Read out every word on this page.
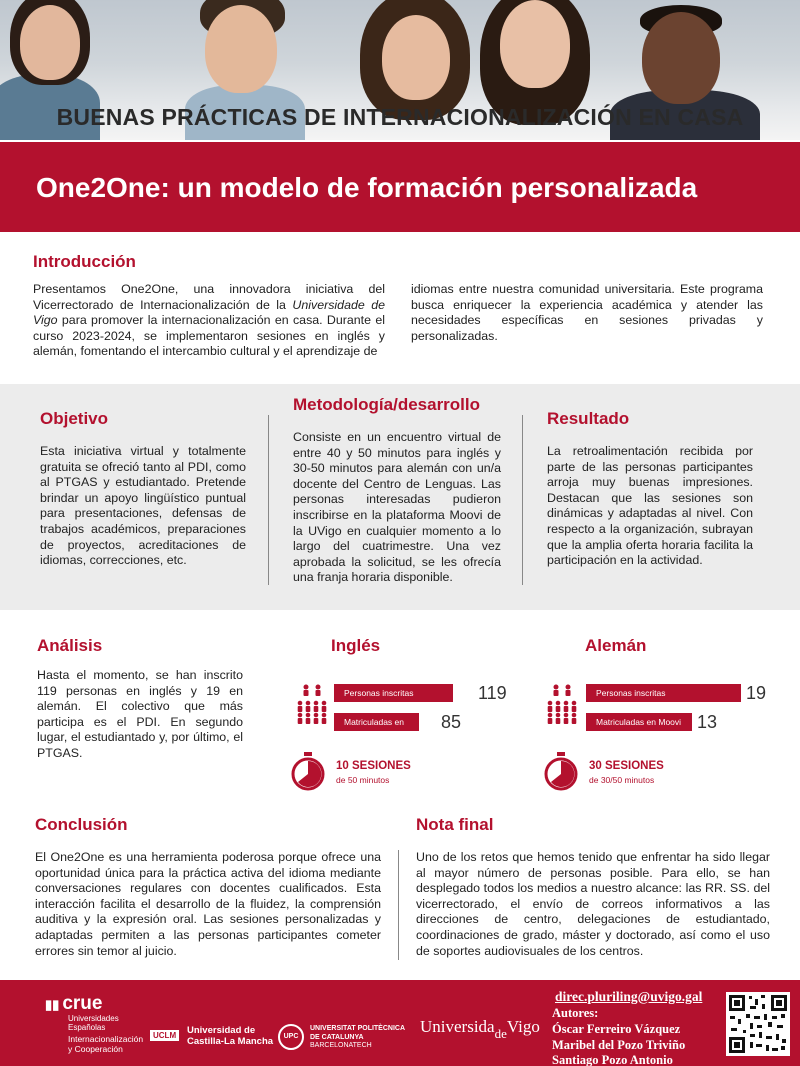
BUENAS PRÁCTICAS DE INTERNACIONALIZACIÓN EN CASA
One2One: un modelo de formación personalizada
Introducción
Presentamos One2One, una innovadora iniciativa del Vicerrectorado de Internacionalización de la Universidade de Vigo para promover la internacionalización en casa. Durante el curso 2023-2024, se implementaron sesiones en inglés y alemán, fomentando el intercambio cultural y el aprendizaje de
idiomas entre nuestra comunidad universitaria. Este programa busca enriquecer la experiencia académica y atender las necesidades específicas en sesiones privadas y personalizadas.
Objetivo
Esta iniciativa virtual y totalmente gratuita se ofreció tanto al PDI, como al PTGAS y estudiantado. Pretende brindar un apoyo lingüístico puntual para presentaciones, defensas de trabajos académicos, preparaciones de proyectos, acreditaciones de idiomas, correcciones, etc.
Metodología/desarrollo
Consiste en un encuentro virtual de entre 40 y 50 minutos para inglés y 30-50 minutos para alemán con un/a docente del Centro de Lenguas. Las personas interesadas pudieron inscribirse en la plataforma Moovi de la UVigo en cualquier momento a lo largo del cuatrimestre. Una vez aprobada la solicitud, se les ofrecía una franja horaria disponible.
Resultado
La retroalimentación recibida por parte de las personas participantes arroja muy buenas impresiones. Destacan que las sesiones son dinámicas y adaptadas al nivel. Con respecto a la organización, subrayan que la amplia oferta horaria facilita la participación en la actividad.
Análisis
Hasta el momento, se han inscrito 119 personas en inglés y 19 en alemán. El colectivo que más participa es el PDI. En segundo lugar, el estudiantado y, por último, el PTGAS.
Inglés
Personas inscritas
Matriculadas en Moovi
119
85
10 SESIONES
de 50 minutos
Alemán
Personas inscritas
Matriculadas en Moovi
19
13
30 SESIONES
de 30/50 minutos
Conclusión
El One2One es una herramienta poderosa porque ofrece una oportunidad única para la práctica activa del idioma mediante conversaciones regulares con docentes cualificados. Esta interacción facilita el desarrollo de la fluidez, la comprensión auditiva y la expresión oral. Las sesiones personalizadas y adaptadas permiten a las personas participantes cometer errores sin temor al juicio.
Nota final
Uno de los retos que hemos tenido que enfrentar ha sido llegar al mayor número de personas posible. Para ello, se han desplegado todos los medios a nuestro alcance: las RR. SS. del vicerrectorado, el envío de correos informativos a las direcciones de centro, delegaciones de estudiantado, coordinaciones de grado, máster y doctorado, así como el uso de soportes audiovisuales de los centros.
▮▮ crue
Universidades
Españolas
Internacionalización
y Cooperación
UCLM	Universidad de
Castilla-La Mancha	UPC
UNIVERSITAT POLITÈCNICA
DE CATALUNYA
BARCELONATECH
Universida$_{de}$Vigo
direc.pluriling@uvigo.gal
Autores:
Óscar Ferreiro Vázquez
Maribel del Pozo Triviño
Santiago Pozo Antonio
